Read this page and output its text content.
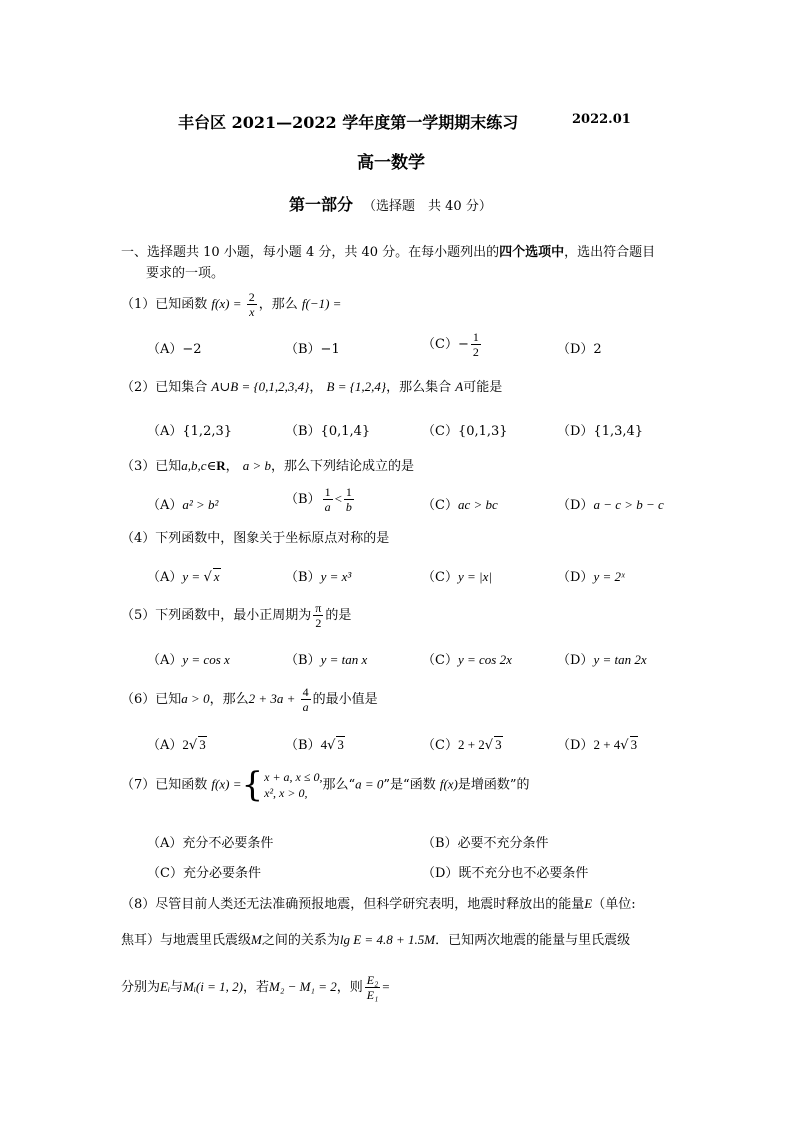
丰台区 2021—2022 学年度第一学期期末练习	2022.01
高一数学
第一部分 （选择题　共 40 分）
一、选择题共 10 小题，每小题 4 分，共 40 分。在每小题列出的四个选项中，选出符合题目
要求的一项。
（1）已知函数 $f(x) = \frac{2}{x}$ ，那么 f(−1) =
（A）−2	（B）−1	$(C)- \frac{1}{2}$	（D）2
（2）已知集合 A∪B = {0,1,2,3,4}， B = {1,2,4}，那么集合 A可能是
（A）{1,2,3}	（B）{0,1,4}	（C）{0,1,3}	（D）{1,3,4}
（3）已知a,b,c∈R， a > b，那么下列结论成立的是
（A）a² > b²	$(B) \frac{1}{a} < \frac{1}{b}$	（C）ac > bc	（D）a − c > b − c
（4）下列函数中，图象关于坐标原点对称的是
（A）y = √ x	（B）y = x³	（C）y = |x|	（D）y = 2ˣ
（5）下列函数中，最小正周期为 $\frac{\pi}{2}$ 的是
（A）y = cos x	（B）y = tan x	（C）y = cos 2x	（D）y = tan 2x
（6）已知a > 0，那么$2 + 3a + \frac{4}{a}$ 的最小值是
（A）2√ 3	（B）4√ 3	（C）2 + 2√ 3	（D）2 + 4√ 3
（7）已知函数 f(x) = { x + a, x ≤ 0,
x², x > 0,
那么“a = 0”是“函数 f(x)是增函数”的
（A）充分不必要条件	（B）必要不充分条件
（C）充分必要条件	（D）既不充分也不必要条件
（8）尽管目前人类还无法准确预报地震，但科学研究表明，地震时释放出的能量E（单位:
焦耳）与地震里氏震级M之间的关系为lg E = 4.8 + 1.5M．已知两次地震的能量与里氏震级
分别为Eᵢ与Mᵢ(i = 1, 2)，若M₂ − M₁ = 2，则 $\frac{\text{E₂}}{\text{E₁}}$ =
